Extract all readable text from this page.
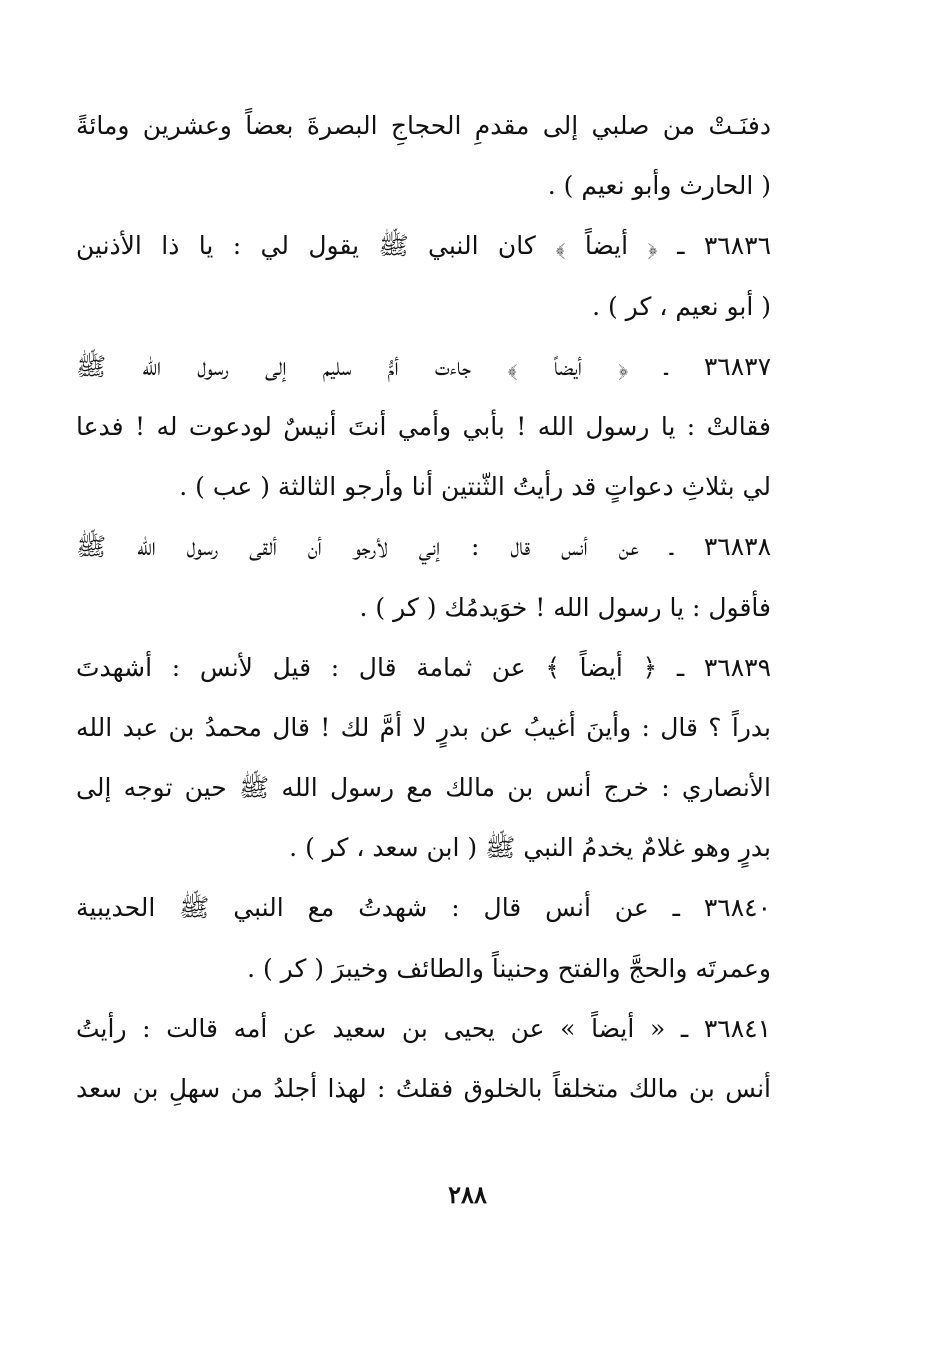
دفنَـتْ من صلبي إلى مقدمِ الحجاجِ البصرةَ بعضاً وعشرين ومائةً
( الحارث وأبو نعيم ) .
٣٦٨٣٦ ـ ﴿ أيضاً ﴾ كان النبي ﷺ يقول لي : يا ذا الأذنين
( أبو نعيم ، كر ) .
٣٦٨٣٧ ـ ﴿ أيضاً ﴾ جاءت أمُّ سليم إلى رسول الله ﷺ
فقالتْ : يا رسول الله ! بأبي وأمي أنتَ أنيسٌ لودعوت له ! فدعا
لي بثلاثِ دعواتٍ قد رأيتُ الثّنتين أنا وأرجو الثالثة ( عب ) .
٣٦٨٣٨ ـ عن أنس قال : إني لأرجو أن ألقى رسول الله ﷺ
فأقول : يا رسول الله ! خوَيدمُك ( كر ) .
٣٦٨٣٩ ـ ﴿ أيضاً ﴾ عن ثمامة قال : قيل لأنس : أشهدتَ
بدراً ؟ قال : وأينَ أغيبُ عن بدرٍ لا أمَّ لك ! قال محمدُ بن عبد الله
الأنصاري : خرج أنس بن مالك مع رسول الله ﷺ حين توجه إلى
بدرٍ وهو غلامٌ يخدمُ النبي ﷺ ( ابن سعد ، كر ) .
٣٦٨٤٠ ـ عن أنس قال : شهدتُ مع النبي ﷺ الحديبية
وعمرتَه والحجَّ والفتح وحنيناً والطائف وخيبرَ ( كر ) .
٣٦٨٤١ ـ « أيضاً » عن يحيى بن سعيد عن أمه قالت : رأيتُ
أنس بن مالك متخلقاً بالخلوق فقلتُ : لهذا أجلدُ من سهلِ بن سعد
٢٨٨
